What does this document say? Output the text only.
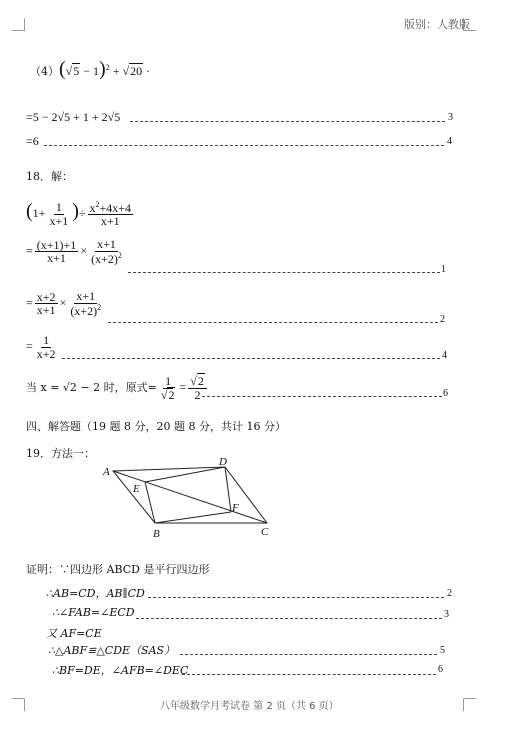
版别：人教版
$(4)(√5 - 1)^2 + √20$ ·
=5 − 2√5 + 1 + 2√5	3
=6	4
18．解：
($1+ \frac{1}{x+1}$ )÷ $\frac{x^2+4x+4}{x+1}$
= $\frac{(x+1)+1}{x+1} \times \frac{x+1}{(x+2)^2}$
1
= $\frac{x+2}{x+1} \times \frac{x+1}{(x+2)^2}$
2
= $\frac{1}{x+2}$	4
当 x = √2 − 2 时，原式= $\frac{1}{√2} = \frac{√2}{2}$	6
四、解答题（19 题 8 分，20 题 8 分，共计 16 分）
19．方法一：
A
D
E
F
B	C
证明：∵四边形 ABCD 是平行四边形
∴AB=CD，AB∥CD	2
∴∠FAB=∠ECD	3
又 AF=CE
∴△ABF≌△CDE（SAS）	5
∴BF=DE，∠AFB=∠DEC	6
八年级数学月考试卷 第 2 页（共 6 页）
